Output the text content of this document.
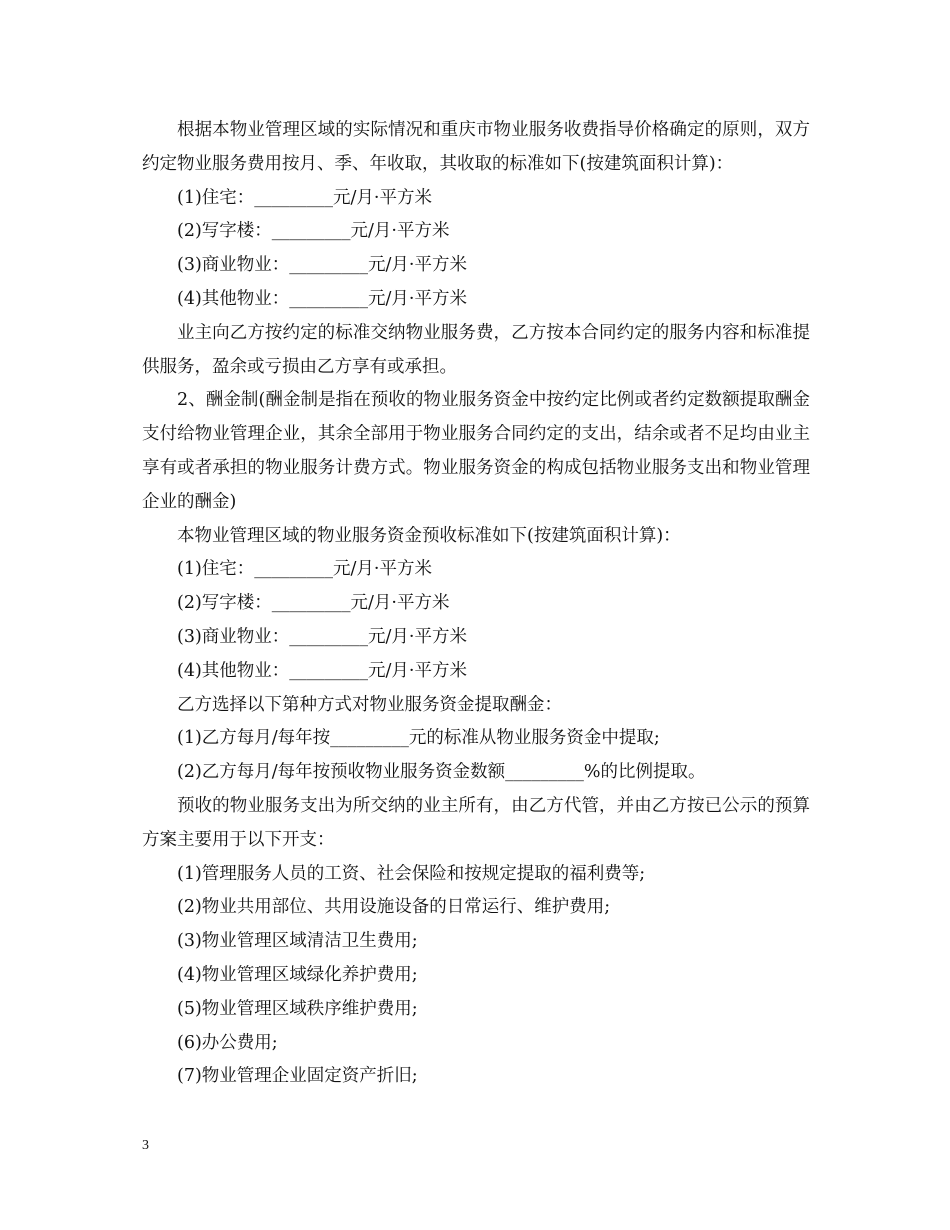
根据本物业管理区域的实际情况和重庆市物业服务收费指导价格确定的原则，双方约定物业服务费用按月、季、年收取，其收取的标准如下(按建筑面积计算)：

(1)住宅：_________元/月·平方米

(2)写字楼：_________元/月·平方米

(3)商业物业：_________元/月·平方米

(4)其他物业：_________元/月·平方米

业主向乙方按约定的标准交纳物业服务费，乙方按本合同约定的服务内容和标准提供服务，盈余或亏损由乙方享有或承担。

2、酬金制(酬金制是指在预收的物业服务资金中按约定比例或者约定数额提取酬金支付给物业管理企业，其余全部用于物业服务合同约定的支出，结余或者不足均由业主享有或者承担的物业服务计费方式。物业服务资金的构成包括物业服务支出和物业管理企业的酬金)

本物业管理区域的物业服务资金预收标准如下(按建筑面积计算)：

(1)住宅：_________元/月·平方米

(2)写字楼：_________元/月·平方米

(3)商业物业：_________元/月·平方米

(4)其他物业：_________元/月·平方米

乙方选择以下第种方式对物业服务资金提取酬金：

(1)乙方每月/每年按_________元的标准从物业服务资金中提取;

(2)乙方每月/每年按预收物业服务资金数额_________%的比例提取。

预收的物业服务支出为所交纳的业主所有，由乙方代管，并由乙方按已公示的预算方案主要用于以下开支：

(1)管理服务人员的工资、社会保险和按规定提取的福利费等;

(2)物业共用部位、共用设施设备的日常运行、维护费用;

(3)物业管理区域清洁卫生费用;

(4)物业管理区域绿化养护费用;

(5)物业管理区域秩序维护费用;

(6)办公费用;

(7)物业管理企业固定资产折旧;

3
